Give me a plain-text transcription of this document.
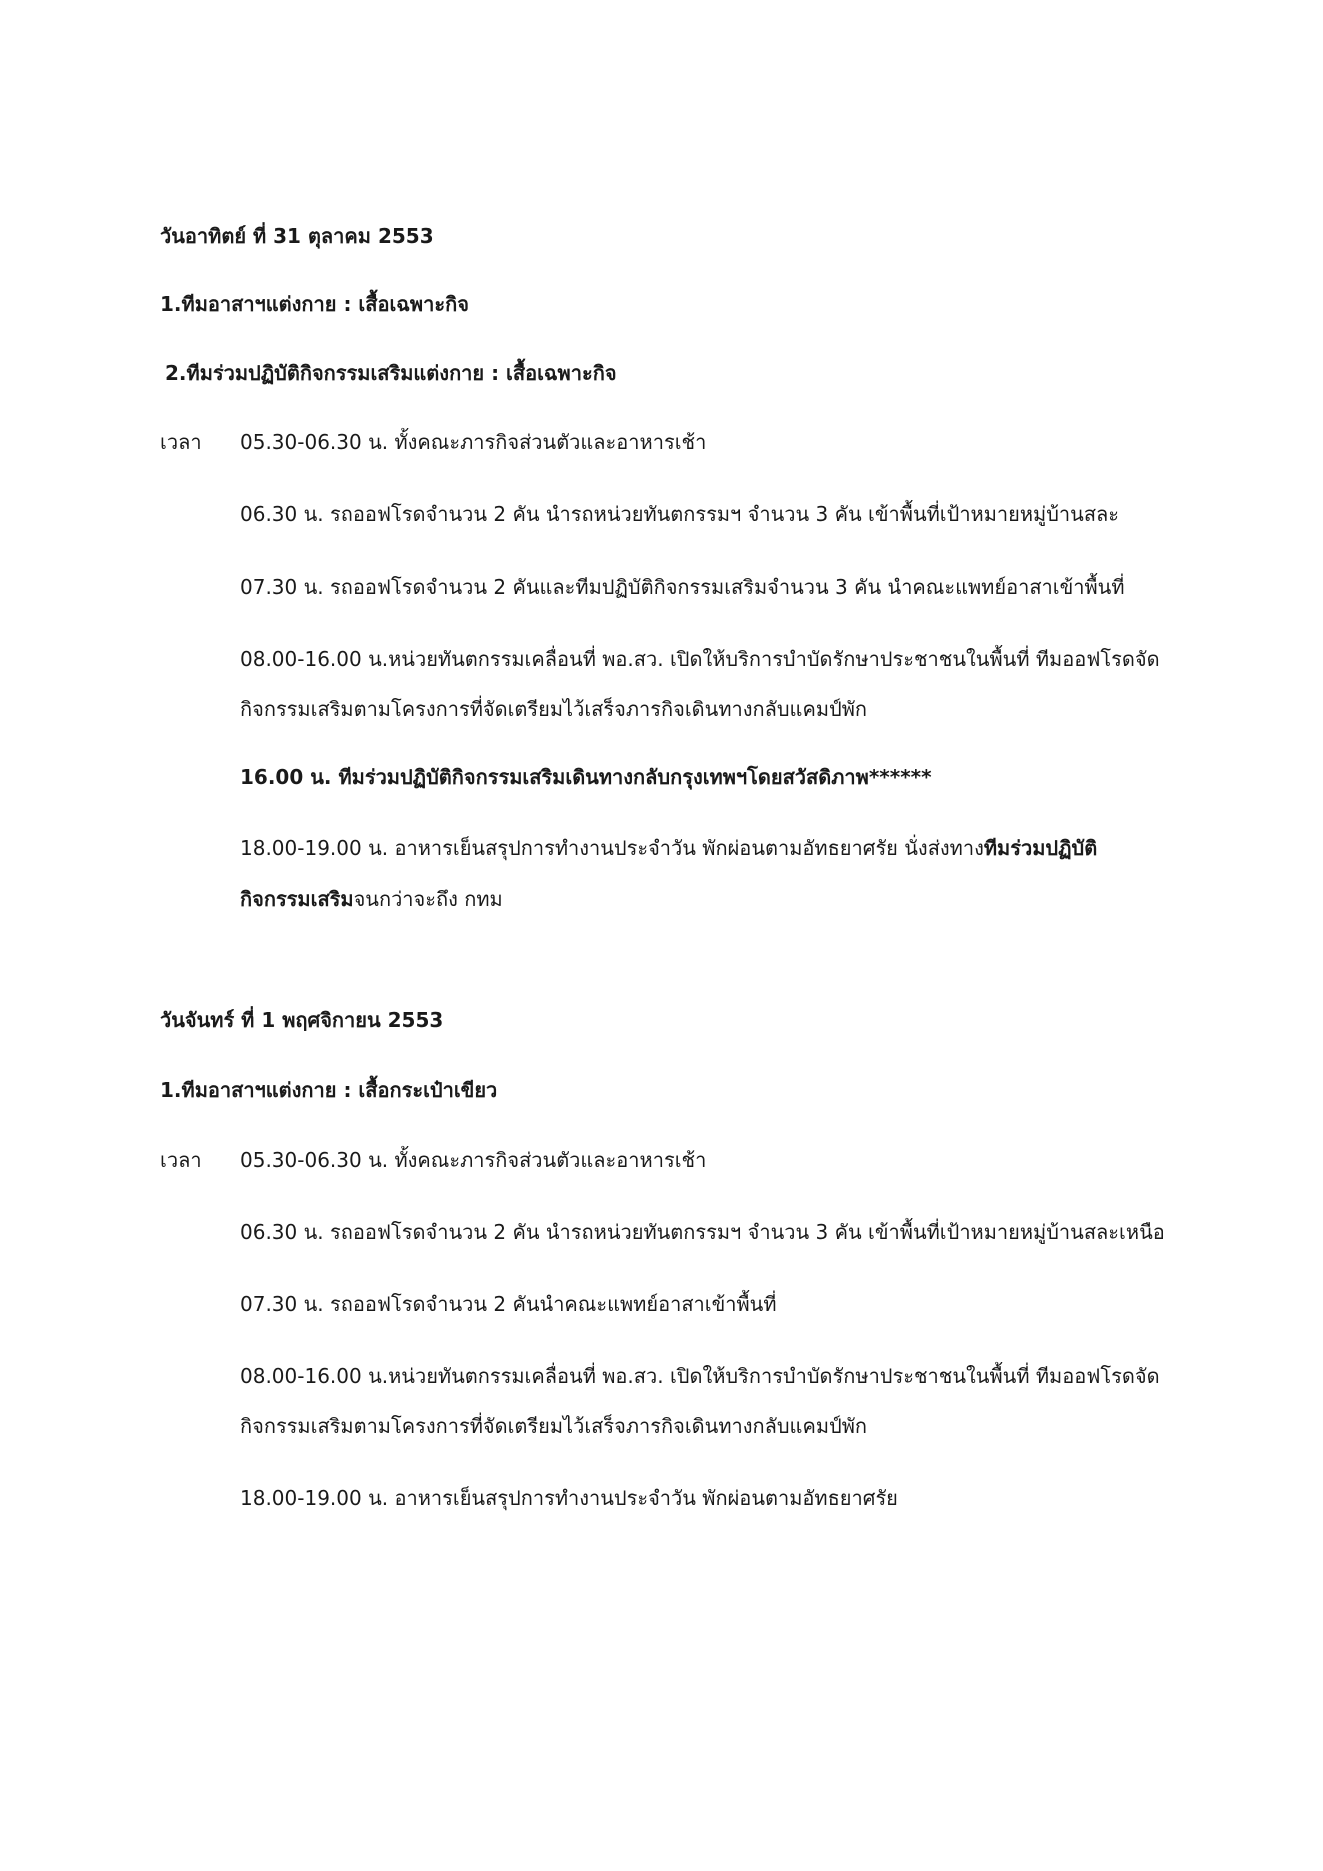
วันอาทิตย์ ที่ 31 ตุลาคม 2553
1.ทีมอาสาฯแต่งกาย : เสื้อเฉพาะกิจ
2.ทีมร่วมปฏิบัติกิจกรรมเสริมแต่งกาย : เสื้อเฉพาะกิจ
เวลา 05.30-06.30 น. ทั้งคณะภารกิจส่วนตัวและอาหารเช้า
06.30 น. รถออฟโรดจำนวน 2 คัน นำรถหน่วยทันตกรรมฯ จำนวน 3 คัน เข้าพื้นที่เป้าหมายหมู่บ้านสละ
07.30 น. รถออฟโรดจำนวน 2 คันและทีมปฏิบัติกิจกรรมเสริมจำนวน 3 คัน นำคณะแพทย์อาสาเข้าพื้นที่
08.00-16.00 น.หน่วยทันตกรรมเคลื่อนที่ พอ.สว. เปิดให้บริการบำบัดรักษาประชาชนในพื้นที่ ทีมออฟโรดจัด
กิจกรรมเสริมตามโครงการที่จัดเตรียมไว้เสร็จภารกิจเดินทางกลับแคมป์พัก
16.00 น. ทีมร่วมปฏิบัติกิจกรรมเสริมเดินทางกลับกรุงเทพฯโดยสวัสดิภาพ******
18.00-19.00 น. อาหารเย็นสรุปการทำงานประจำวัน พักผ่อนตามอัทธยาศรัย นั่งส่งทางทีมร่วมปฏิบัติ
กิจกรรมเสริมจนกว่าจะถึง กทม
วันจันทร์ ที่ 1 พฤศจิกายน 2553
1.ทีมอาสาฯแต่งกาย : เสื้อกระเป๋าเขียว
เวลา 05.30-06.30 น. ทั้งคณะภารกิจส่วนตัวและอาหารเช้า
06.30 น. รถออฟโรดจำนวน 2 คัน นำรถหน่วยทันตกรรมฯ จำนวน 3 คัน เข้าพื้นที่เป้าหมายหมู่บ้านสละเหนือ
07.30 น. รถออฟโรดจำนวน 2 คันนำคณะแพทย์อาสาเข้าพื้นที่
08.00-16.00 น.หน่วยทันตกรรมเคลื่อนที่ พอ.สว. เปิดให้บริการบำบัดรักษาประชาชนในพื้นที่ ทีมออฟโรดจัด
กิจกรรมเสริมตามโครงการที่จัดเตรียมไว้เสร็จภารกิจเดินทางกลับแคมป์พัก
18.00-19.00 น. อาหารเย็นสรุปการทำงานประจำวัน พักผ่อนตามอัทธยาศรัย
